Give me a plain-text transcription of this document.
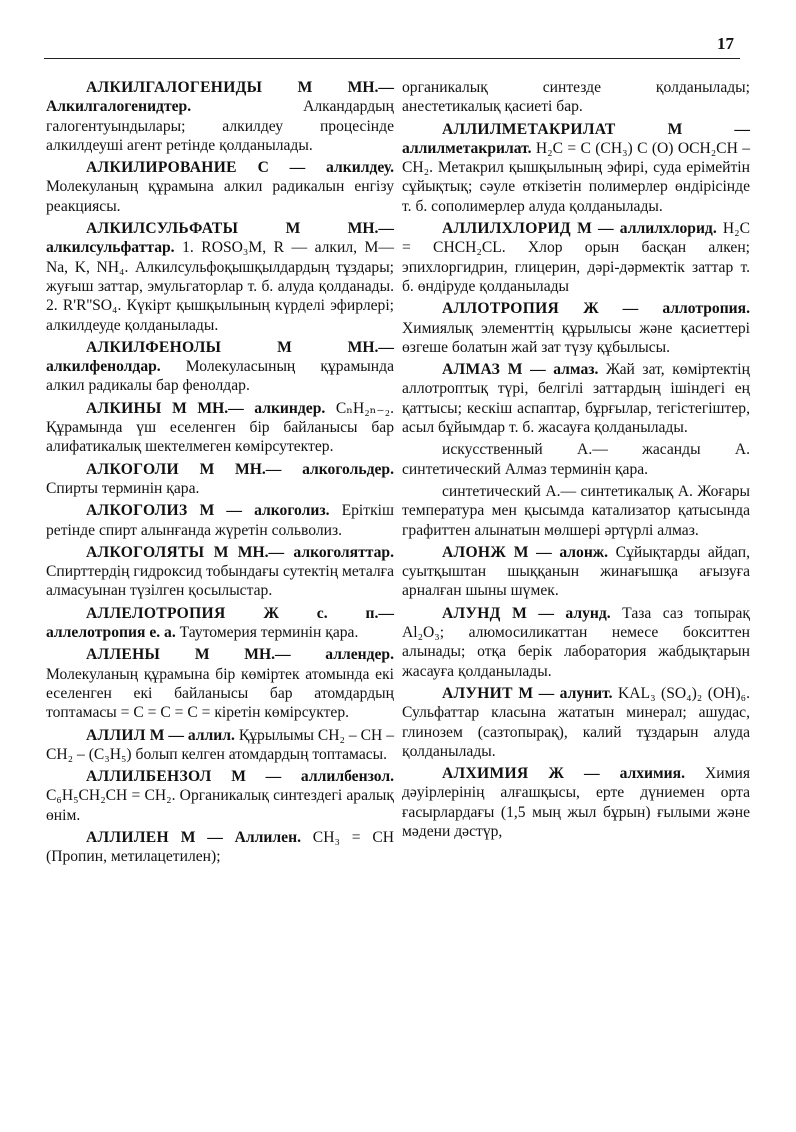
17

АЛКИЛГАЛОГЕНИДЫ М МН.— Алкилгалогенидтер. Алкандардың галогентуындылары; алкилдеу процесінде алкилдеуші агент ретінде қолданылады.

АЛКИЛИРОВАНИЕ С — алкилдеу. Молекуланың құрамына алкил радикалын енгізу реакциясы.

АЛКИЛСУЛЬФАТЫ	М МН.— алкилсульфаттар. 1. ROSO₃M, R — алкил, M—Na, K, NH₄. Алкилсульфоқышқылдардың тұздары; жуғыш заттар, эмульгаторлар т. б. алуда қолданады. 2. R'R''SO₄. Күкірт қышқылының күрделі эфирлері; алкилдеуде қолданылады.

АЛКИЛФЕНОЛЫ	М МН.— алкилфенолдар. Молекуласының құрамында алкил радикалы бар фенолдар.

АЛКИНЫ М МН.— алкиндер. CₙH₂ₙ₋₂. Құрамында үш еселенген бір байланысы бар алифатикалық шектелмеген көмірсутектер.

АЛКОГОЛИ М МН.— алкогольдер. Спирты терминін қара.

АЛКОГОЛИЗ М — алкоголиз. Еріткіш ретінде спирт алынғанда жүретін сольволиз.

АЛКОГОЛЯТЫ М МН.— алкоголяттар. Спирттердің гидроксид тобындағы сутектің металға алмасуынан түзілген қосылыстар.

АЛЛЕЛОТРОПИЯ Ж с. п.— аллелотропия е. а. Таутомерия терминін қара.

АЛЛЕНЫ М МН.— аллендер. Молекуланың құрамына бір көміртек атомында екі еселенген екі байланысы бар атомдардың топтамасы = C = C = C = кіретін көмірсуктер.

АЛЛИЛ М — аллил. Құрылымы CH₂ – CH – CH₂ – (C₃H₅) болып келген атомдардың топтамасы.

АЛЛИЛБЕНЗОЛ М — аллилбензол. C₆H₅CH₂CH = CH₂. Органикалық синтездегі аралық өнім.

АЛЛИЛЕН М — Аллилен. CH₃ = CH (Пропин, метилацетилен);

органикалық синтезде қолданылады; анестетикалық қасиеті бар.

АЛЛИЛМЕТАКРИЛАТ	М — аллилметакрилат. H₂C = C (CH₃) C (O) OCH₂CH – CH₂. Метакрил қышқылының эфирі, суда ерімейтін сұйықтық; сәуле өткізетін полимерлер өндірісінде т. б. сополимерлер алуда қолданылады.

АЛЛИЛХЛОРИД М — аллилхлорид. H₂C = CHCH₂CL. Хлор орын басқан алкен; эпихлоргидрин, глицерин, дәрі-дәрмектік заттар т. б. өндіруде қолданылады

АЛЛОТРОПИЯ Ж — аллотропия. Химиялық элементтің құрылысы және қасиеттері өзгеше болатын жай зат түзу құбылысы.

АЛМАЗ М — алмаз. Жай зат, көміртектің аллотроптық түрі, белгілі заттардың ішіндегі ең қаттысы; кескіш аспаптар, бұрғылар, тегістегіштер, асыл бұйымдар т. б. жасауға қолданылады.

искусственный А.— жасанды А. синтетический Алмаз терминін қара.

синтетический А.— синтетикалық А. Жоғары температура мен қысымда катализатор қатысында графиттен алынатын мөлшері әртүрлі алмаз.

АЛОНЖ М — алонж. Сұйықтарды айдап, суытқыштан шыққанын жинағышқа ағызуға арналған шыны шүмек.

АЛУНД М — алунд. Таза саз топырақ Al₂O₃; алюмосиликаттан немесе бокситтен алынады; отқа берік лаборатория жабдықтарын жасауға қолданылады.

АЛУНИТ М — алунит. KAL₃ (SO₄)₂ (OH)₆. Сульфаттар класына жататын минерал; ашудас, глинозем (сазтопырақ), калий тұздарын алуда қолданылады.

АЛХИМИЯ Ж — алхимия. Химия дәуірлерінің алғашқысы, ерте дүниемен орта ғасырлардағы (1,5 мың жыл бұрын) ғылыми және мәдени дәстүр,
